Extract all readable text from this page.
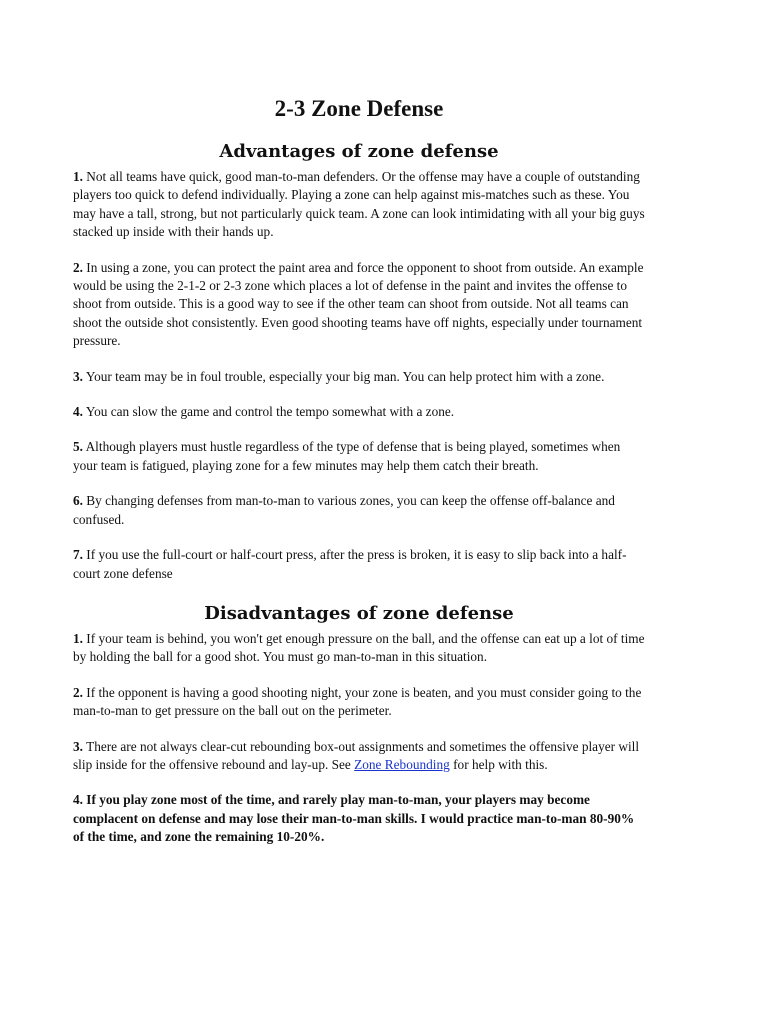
2-3 Zone Defense
Advantages of zone defense

1. Not all teams have quick, good man-to-man defenders. Or the offense may have a couple of outstanding players too quick to defend individually. Playing a zone can help against mis-matches such as these. You may have a tall, strong, but not particularly quick team. A zone can look intimidating with all your big guys stacked up inside with their hands up.

2. In using a zone, you can protect the paint area and force the opponent to shoot from outside. An example would be using the 2-1-2 or 2-3 zone which places a lot of defense in the paint and invites the offense to shoot from outside. This is a good way to see if the other team can shoot from outside. Not all teams can shoot the outside shot consistently. Even good shooting teams have off nights, especially under tournament pressure.

3. Your team may be in foul trouble, especially your big man. You can help protect him with a zone.

4. You can slow the game and control the tempo somewhat with a zone.

5. Although players must hustle regardless of the type of defense that is being played, sometimes when your team is fatigued, playing zone for a few minutes may help them catch their breath.

6. By changing defenses from man-to-man to various zones, you can keep the offense off-balance and confused.

7. If you use the full-court or half-court press, after the press is broken, it is easy to slip back into a half-court zone defense

Disadvantages of zone defense

1. If your team is behind, you won't get enough pressure on the ball, and the offense can eat up a lot of time by holding the ball for a good shot. You must go man-to-man in this situation.

2. If the opponent is having a good shooting night, your zone is beaten, and you must consider going to the man-to-man to get pressure on the ball out on the perimeter.

3. There are not always clear-cut rebounding box-out assignments and sometimes the offensive player will slip inside for the offensive rebound and lay-up. See Zone Rebounding for help with this.

4. If you play zone most of the time, and rarely play man-to-man, your players may become complacent on defense and may lose their man-to-man skills. I would practice man-to-man 80-90% of the time, and zone the remaining 10-20%.
